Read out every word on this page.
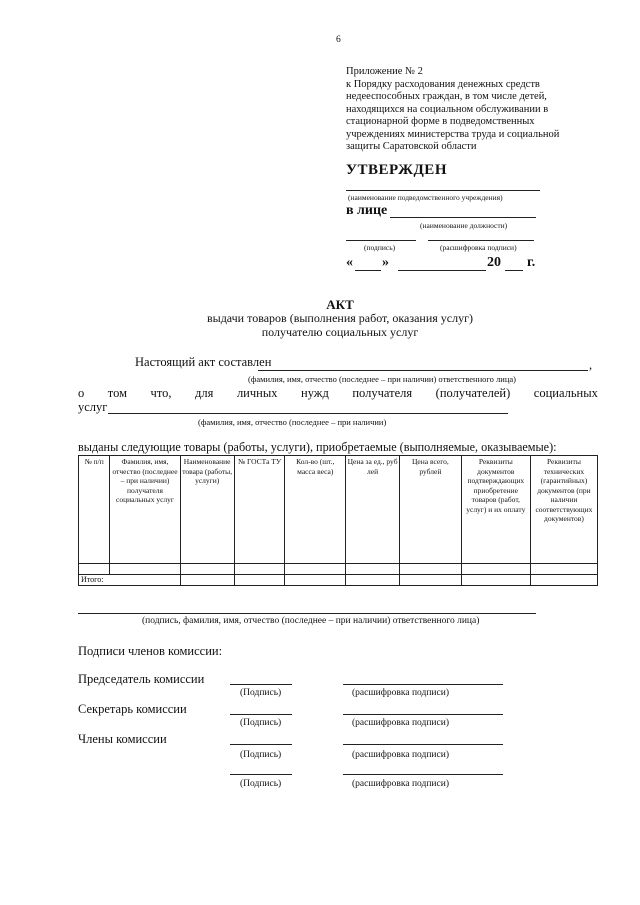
6
Приложение № 2
к Порядку расходования денежных средств недееспособных граждан, в том числе детей, находящихся на социальном обслуживании в стационарной форме в подведомственных учреждениях министерства труда и социальной защиты Саратовской области
УТВЕРЖДЕН
(наименование подведомственного учреждения)
в лице
(наименование должности)
(подпись)	(расшифровка подписи)
« »	20 г.
АКТ
выдачи товаров (выполнения работ, оказания услуг)
получателю социальных услуг
Настоящий акт составлен	,
(фамилия, имя, отчество (последнее – при наличии) ответственного лица)
о том что, для личных нужд получателя (получателей) социальных
услуг
(фамилия, имя, отчество (последнее – при наличии)
выданы следующие товары (работы, услуги), приобретаемые (выполняемые, оказываемые):
№ п/п	Фамилия, имя, отчество (последнее – при наличии) получателя социальных услуг	Наименование товара (работы, услуги)	№ ГОСТа ТУ	Кол-во (шт., масса веса)	Цена за ед., руб лей	Цена всего, рублей	Реквизиты документов подтверждающих приобретение товаров (работ, услуг) и их оплату	Реквизиты технических (гарантийных) документов (при наличии соответствующих документов)

Итого:								
(подпись, фамилия, имя, отчество (последнее – при наличии) ответственного лица)
Подписи членов комиссии:
Председатель комиссии
(Подпись)	(расшифровка подписи)
Секретарь комиссии
(Подпись)	(расшифровка подписи)
Члены комиссии
(Подпись)	(расшифровка подписи)
(Подпись)	(расшифровка подписи)
